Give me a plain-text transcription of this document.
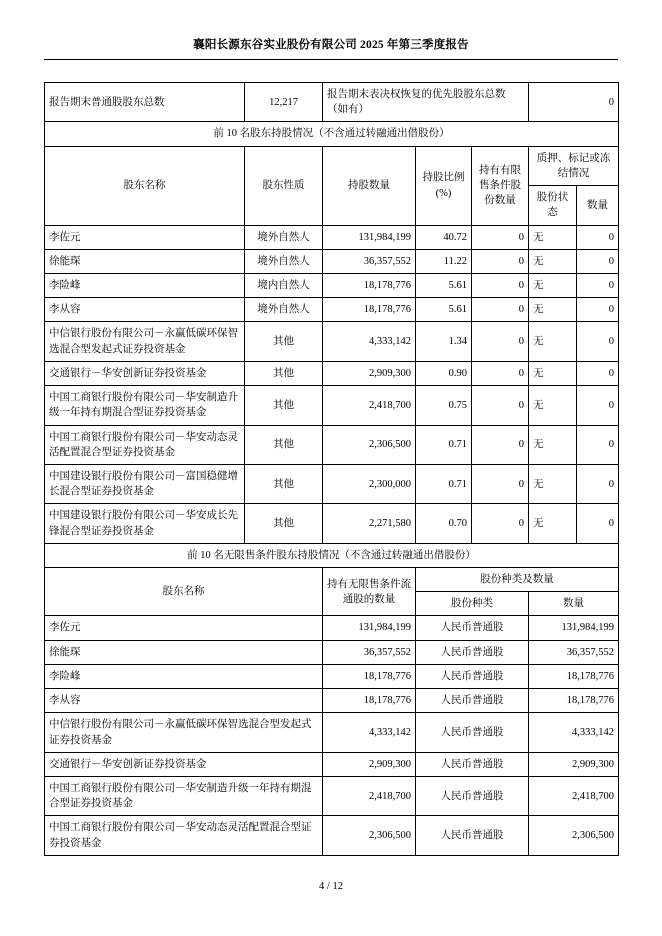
襄阳长源东谷实业股份有限公司 2025 年第三季度报告
报告期末普通股股东总数	12,217	报告期末表决权恢复的优先股股东总数（如有）			0	
前 10 名股东持股情况（不含通过转融通出借股份）						
股东名称	股东性质	持股数量	持股比例(%)	持有有限售条件股份数量	质押、标记或冻结情况	
					股份状态	数量
李佐元	境外自然人	131,984,199	40.72	0	无	0
徐能琛	境外自然人	36,357,552	11.22	0	无	0
李险峰	境内自然人	18,178,776	5.61	0	无	0
李从容	境外自然人	18,178,776	5.61	0	无	0
中信银行股份有限公司－永赢低碳环保智选混合型发起式证券投资基金	其他	4,333,142	1.34	0	无	0
交通银行－华安创新证券投资基金	其他	2,909,300	0.90	0	无	0
中国工商银行股份有限公司－华安制造升级一年持有期混合型证券投资基金	其他	2,418,700	0.75	0	无	0
中国工商银行股份有限公司－华安动态灵活配置混合型证券投资基金	其他	2,306,500	0.71	0	无	0
中国建设银行股份有限公司－富国稳健增长混合型证券投资基金	其他	2,300,000	0.71	0	无	0
中国建设银行股份有限公司－华安成长先锋混合型证券投资基金	其他	2,271,580	0.70	0	无	0
前 10 名无限售条件股东持股情况（不含通过转融通出借股份）						
股东名称		持有无限售条件流通股的数量	股份种类及数量			
			股份种类		数量	
李佐元		131,984,199	人民币普通股		131,984,199	
徐能琛		36,357,552	人民币普通股		36,357,552	
李险峰		18,178,776	人民币普通股		18,178,776	
李从容		18,178,776	人民币普通股		18,178,776	
中信银行股份有限公司－永赢低碳环保智选混合型发起式证券投资基金		4,333,142	人民币普通股		4,333,142	
交通银行－华安创新证券投资基金		2,909,300	人民币普通股		2,909,300	
中国工商银行股份有限公司－华安制造升级一年持有期混合型证券投资基金		2,418,700	人民币普通股		2,418,700	
中国工商银行股份有限公司－华安动态灵活配置混合型证券投资基金		2,306,500	人民币普通股		2,306,500	
4 / 12
